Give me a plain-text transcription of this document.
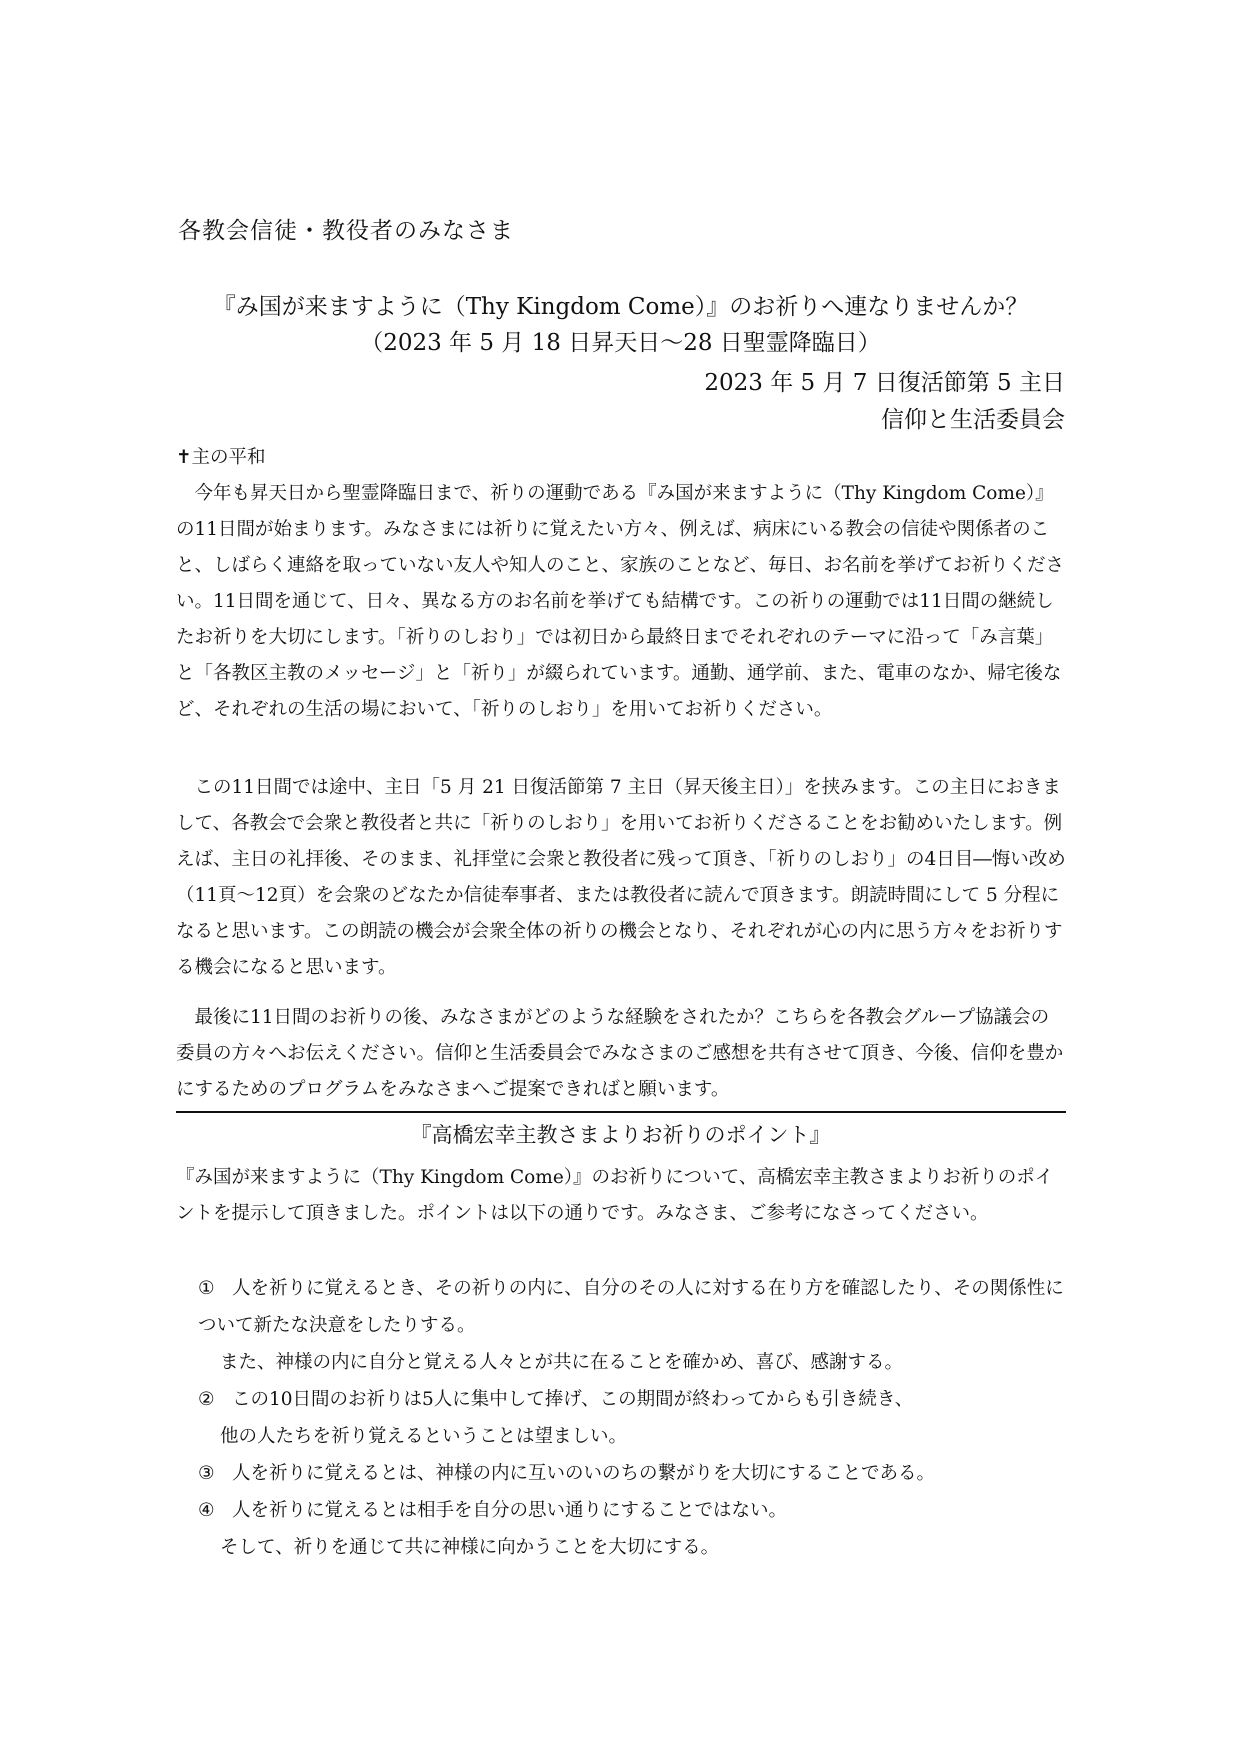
各教会信徒・教役者のみなさま
『み国が来ますように（Thy Kingdom Come）』のお祈りへ連なりませんか？
（2023 年 5 月 18 日昇天日～28 日聖霊降臨日）
2023 年 5 月 7 日復活節第 5 主日
信仰と生活委員会
✝主の平和

今年も昇天日から聖霊降臨日まで、祈りの運動である『み国が来ますように（Thy Kingdom Come）』の11日間が始まります。みなさまには祈りに覚えたい方々、例えば、病床にいる教会の信徒や関係者のこと、しばらく連絡を取っていない友人や知人のこと、家族のことなど、毎日、お名前を挙げてお祈りください。11日間を通じて、日々、異なる方のお名前を挙げても結構です。この祈りの運動では11日間の継続したお祈りを大切にします。「祈りのしおり」では初日から最終日までそれぞれのテーマに沿って「み言葉」と「各教区主教のメッセージ」と「祈り」が綴られています。通勤、通学前、また、電車のなか、帰宅後など、それぞれの生活の場において、「祈りのしおり」を用いてお祈りください。

この11日間では途中、主日「5 月 21 日復活節第 7 主日（昇天後主日）」を挟みます。この主日におきまして、各教会で会衆と教役者と共に「祈りのしおり」を用いてお祈りくださることをお勧めいたします。例えば、主日の礼拝後、そのまま、礼拝堂に会衆と教役者に残って頂き、「祈りのしおり」の4日目―悔い改め（11頁～12頁）を会衆のどなたか信徒奉事者、または教役者に読んで頂きます。朗読時間にして 5 分程になると思います。この朗読の機会が会衆全体の祈りの機会となり、それぞれが心の内に思う方々をお祈りする機会になると思います。

最後に11日間のお祈りの後、みなさまがどのような経験をされたか？こちらを各教会グループ協議会の委員の方々へお伝えください。信仰と生活委員会でみなさまのご感想を共有させて頂き、今後、信仰を豊かにするためのプログラムをみなさまへご提案できればと願います。

『高橋宏幸主教さまよりお祈りのポイント』
『み国が来ますように（Thy Kingdom Come）』のお祈りについて、高橋宏幸主教さまよりお祈りのポイントを提示して頂きました。ポイントは以下の通りです。みなさま、ご参考になさってください。
① 人を祈りに覚えるとき、その祈りの内に、自分のその人に対する在り方を確認したり、その関係性について新たな決意をしたりする。
また、神様の内に自分と覚える人々とが共に在ることを確かめ、喜び、感謝する。
② この10日間のお祈りは5人に集中して捧げ、この期間が終わってからも引き続き、
他の人たちを祈り覚えるということは望ましい。
③ 人を祈りに覚えるとは、神様の内に互いのいのちの繋がりを大切にすることである。
④ 人を祈りに覚えるとは相手を自分の思い通りにすることではない。
そして、祈りを通じて共に神様に向かうことを大切にする。
